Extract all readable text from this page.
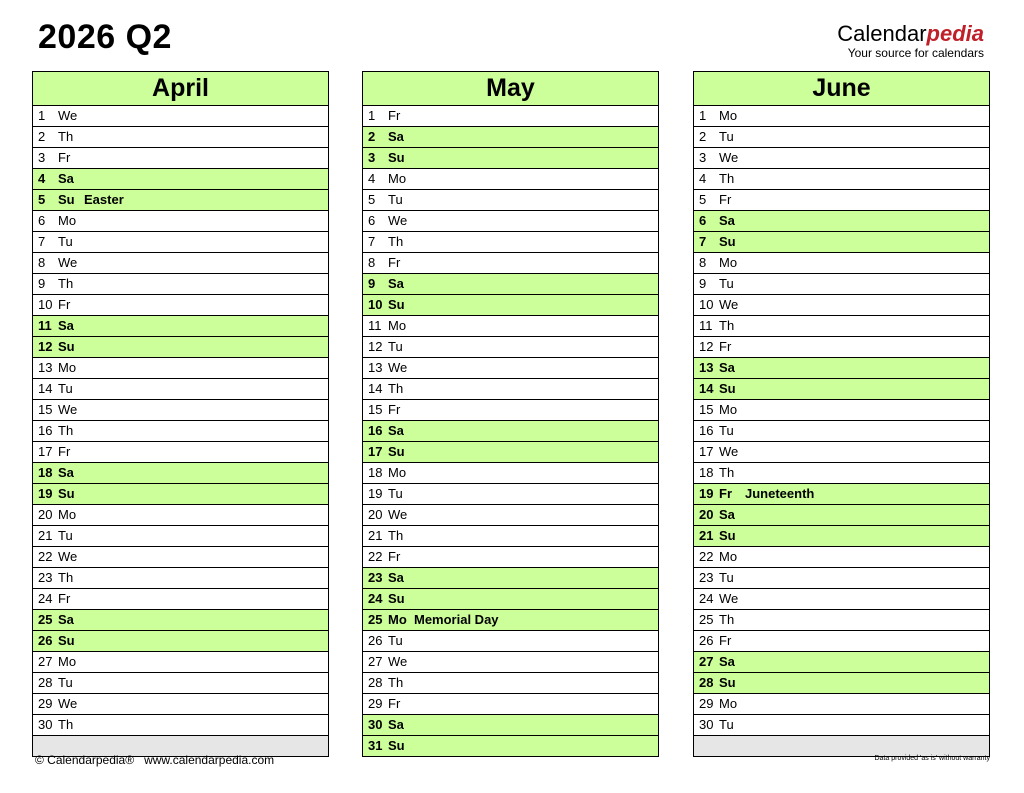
2026 Q2	Calendarpedia
Your source for calendars
April
1 We
2 Th
3 Fr
4 Sa
5 Su Easter
6 Mo
7 Tu
8 We
9 Th
10 Fr
11 Sa
12 Su
13 Mo
14 Tu
15 We
16 Th
17 Fr
18 Sa
19 Su
20 Mo
21 Tu
22 We
23 Th
24 Fr
25 Sa
26 Su
27 Mo
28 Tu
29 We
30 Th
May
1 Fr
2 Sa
3 Su
4 Mo
5 Tu
6 We
7 Th
8 Fr
9 Sa
10 Su
11 Mo
12 Tu
13 We
14 Th
15 Fr
16 Sa
17 Su
18 Mo
19 Tu
20 We
21 Th
22 Fr
23 Sa
24 Su
25 Mo Memorial Day
26 Tu
27 We
28 Th
29 Fr
30 Sa
31 Su
June
1 Mo
2 Tu
3 We
4 Th
5 Fr
6 Sa
7 Su
8 Mo
9 Tu
10 We
11 Th
12 Fr
13 Sa
14 Su
15 Mo
16 Tu
17 We
18 Th
19 Fr Juneteenth
20 Sa
21 Su
22 Mo
23 Tu
24 We
25 Th
26 Fr
27 Sa
28 Su
29 Mo
30 Tu
© Calendarpedia® www.calendarpedia.com	Data provided 'as is' without warranty
